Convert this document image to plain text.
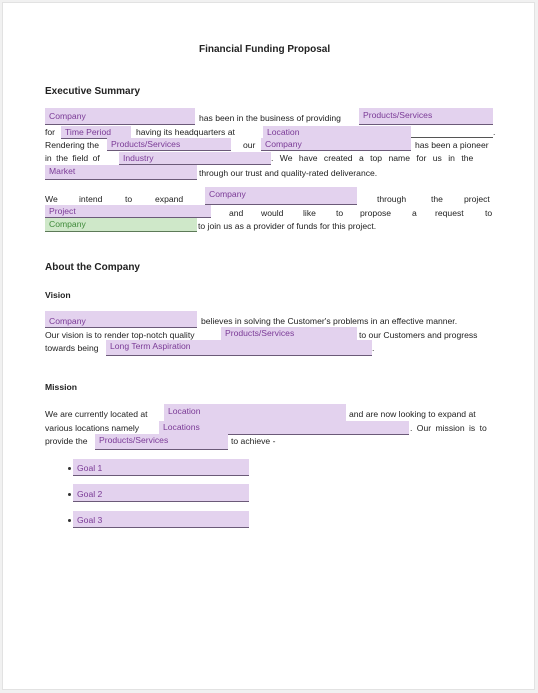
Financial Funding Proposal
Executive Summary
Company	has been in the business of providing	Products/Services
for	Time Period	having its headquarters at	Location	.
Rendering the	Products/Services	our	Company	has been a pioneer
in the field of	Industry	. We have created a top name for us in the
Market	through our trust and quality-rated deliverance.
We intend	to	expand	Company	through	the project
Project	and would like to propose a request to
Company	to join us as a provider of funds for this project.
About the Company
Vision
Company	believes in solving the Customer's problems in an effective manner.
Our vision is to render top-notch quality	Products/Services	to our Customers and progress
towards being	Long Term Aspiration	.
Mission
We are currently located at	Location	and are now looking to expand at
various locations namely	Locations	. Our mission is to
provide the	Products/Services	to achieve -
Goal 1
Goal 2
Goal 3
